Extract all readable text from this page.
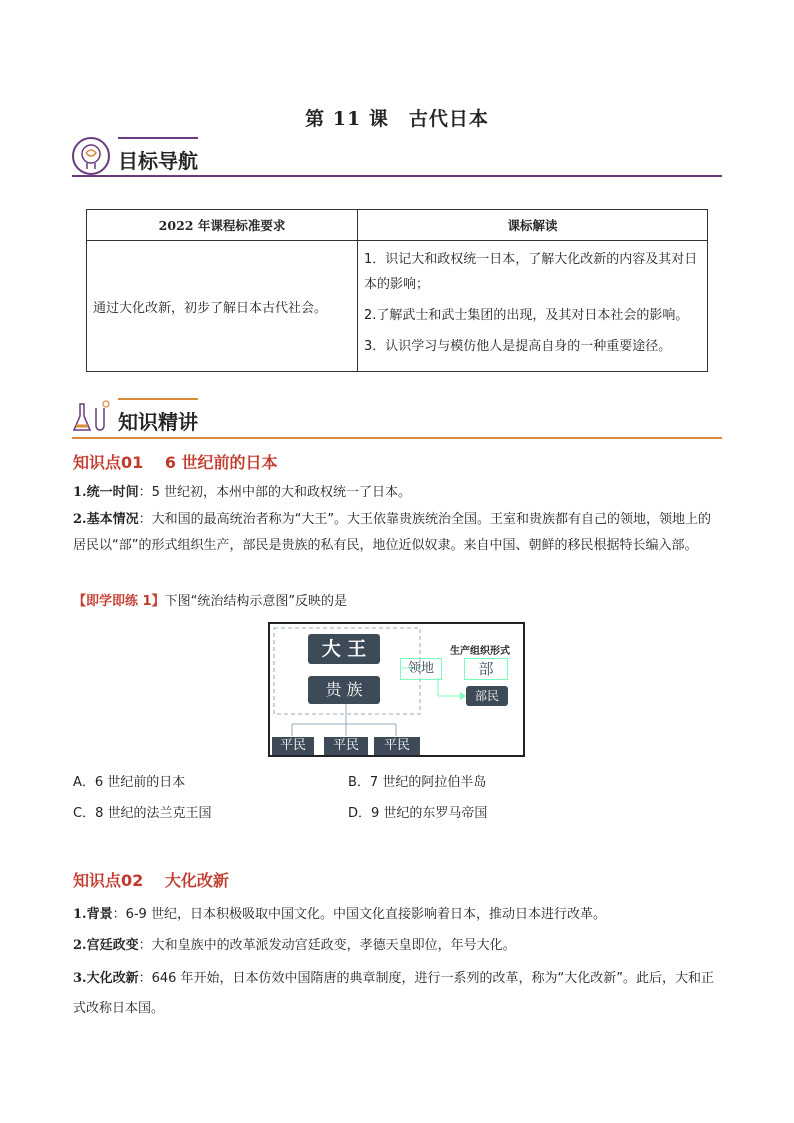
第 11 课　古代日本
目标导航
2022 年课程标准要求	课标解读
通过大化改新，初步了解日本古代社会。	1．识记大和政权统一日本，了解大化改新的内容及其对日本的影响；

2.了解武士和武士集团的出现，及其对日本社会的影响。

3．认识学习与模仿他人是提高自身的一种重要途径。

知识精讲
知识点01　 6 世纪前的日本
1.统一时间：5 世纪初，本州中部的大和政权统一了日本。
2.基本情况：大和国的最高统治者称为“大王”。大王依靠贵族统治全国。王室和贵族都有自己的领地，领地上的居民以“部”的形式组织生产，部民是贵族的私有民，地位近似奴隶。来自中国、朝鲜的移民根据特长编入部。
【即学即练 1】下图“统治结构示意图”反映的是
大 王
贵 族
领地
生产组织形式
部
部民
平民	平民	平民
A．6 世纪前的日本	B．7 世纪的阿拉伯半岛
C．8 世纪的法兰克王国	D．9 世纪的东罗马帝国
知识点02　 大化改新
1.背景：6-9 世纪，日本积极吸取中国文化。中国文化直接影响着日本，推动日本进行改革。
2.宫廷政变：大和皇族中的改革派发动宫廷政变，孝德天皇即位，年号大化。
3.大化改新：646 年开始，日本仿效中国隋唐的典章制度，进行一系列的改革，称为“大化改新”。此后，大和正式改称日本国。
